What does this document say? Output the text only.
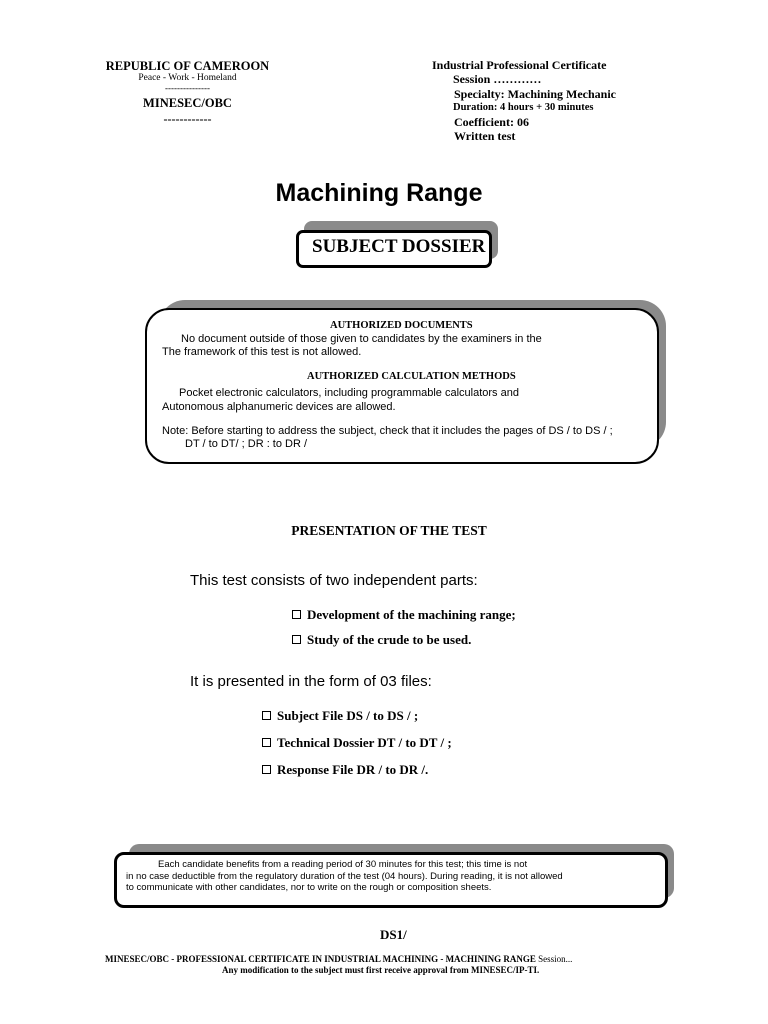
REPUBLIC OF CAMEROON
Peace - Work - Homeland
---------------
MINESEC/OBC
------------
Industrial Professional Certificate
Session …………
Specialty: Machining Mechanic
Duration: 4 hours + 30 minutes
Coefficient: 06
Written test
Machining Range
SUBJECT DOSSIER
AUTHORIZED DOCUMENTS
No document outside of those given to candidates by the examiners in the
The framework of this test is not allowed.
AUTHORIZED CALCULATION METHODS
Pocket electronic calculators, including programmable calculators and
Autonomous alphanumeric devices are allowed.
Note: Before starting to address the subject, check that it includes the pages of DS / to DS / ;
DT / to DT/ ; DR : to DR /
PRESENTATION OF THE TEST
This test consists of two independent parts:
Development of the machining range;
Study of the crude to be used.
It is presented in the form of 03 files:
Subject File DS / to DS / ;
Technical Dossier DT / to DT / ;
Response File DR / to DR /.
Each candidate benefits from a reading period of 30 minutes for this test; this time is not
in no case deductible from the regulatory duration of the test (04 hours). During reading, it is not allowed
to communicate with other candidates, nor to write on the rough or composition sheets.
DS1/
MINESEC/OBC - PROFESSIONAL CERTIFICATE IN INDUSTRIAL MACHINING - MACHINING RANGE Session...
Any modification to the subject must first receive approval from MINESEC/IP-TI.
